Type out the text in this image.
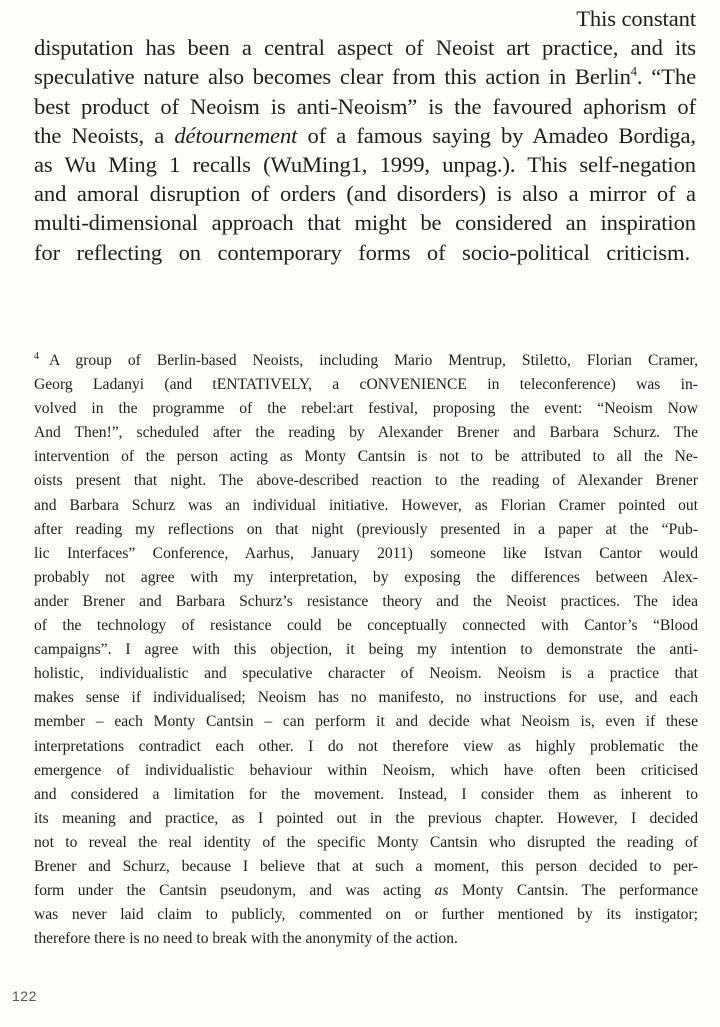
This constant
disputation has been a central aspect of Neoist art practice, and its
speculative nature also becomes clear from this action in Berlin$^4$. “The
best product of Neoism is anti-Neoism” is the favoured aphorism of
the Neoists, a détournement of a famous saying by Amadeo Bordiga,
as Wu Ming 1 recalls (WuMing1, 1999, unpag.). This self-negation
and amoral disruption of orders (and disorders) is also a mirror of a
multi-dimensional approach that might be considered an inspiration
for reflecting on contemporary forms of socio-political criticism.

$^4$ A group of Berlin-based Neoists, including Mario Mentrup, Stiletto, Florian Cramer,
Georg Ladanyi (and tENTATIVELY, a cONVENIENCE in teleconference) was in-
volved in the programme of the rebel:art festival, proposing the event: “Neoism Now
And Then!”, scheduled after the reading by Alexander Brener and Barbara Schurz. The
intervention of the person acting as Monty Cantsin is not to be attributed to all the Ne-
oists present that night. The above-described reaction to the reading of Alexander Brener
and Barbara Schurz was an individual initiative. However, as Florian Cramer pointed out
after reading my reflections on that night (previously presented in a paper at the “Pub-
lic Interfaces” Conference, Aarhus, January 2011) someone like Istvan Cantor would
probably not agree with my interpretation, by exposing the differences between Alex-
ander Brener and Barbara Schurz’s resistance theory and the Neoist practices. The idea
of the technology of resistance could be conceptually connected with Cantor’s “Blood
campaigns”. I agree with this objection, it being my intention to demonstrate the anti-
holistic, individualistic and speculative character of Neoism. Neoism is a practice that
makes sense if individualised; Neoism has no manifesto, no instructions for use, and each
member – each Monty Cantsin – can perform it and decide what Neoism is, even if these
interpretations contradict each other. I do not therefore view as highly problematic the
emergence of individualistic behaviour within Neoism, which have often been criticised
and considered a limitation for the movement. Instead, I consider them as inherent to
its meaning and practice, as I pointed out in the previous chapter. However, I decided
not to reveal the real identity of the specific Monty Cantsin who disrupted the reading of
Brener and Schurz, because I believe that at such a moment, this person decided to per-
form under the Cantsin pseudonym, and was acting as Monty Cantsin. The performance
was never laid claim to publicly, commented on or further mentioned by its instigator;
therefore there is no need to break with the anonymity of the action.
122
